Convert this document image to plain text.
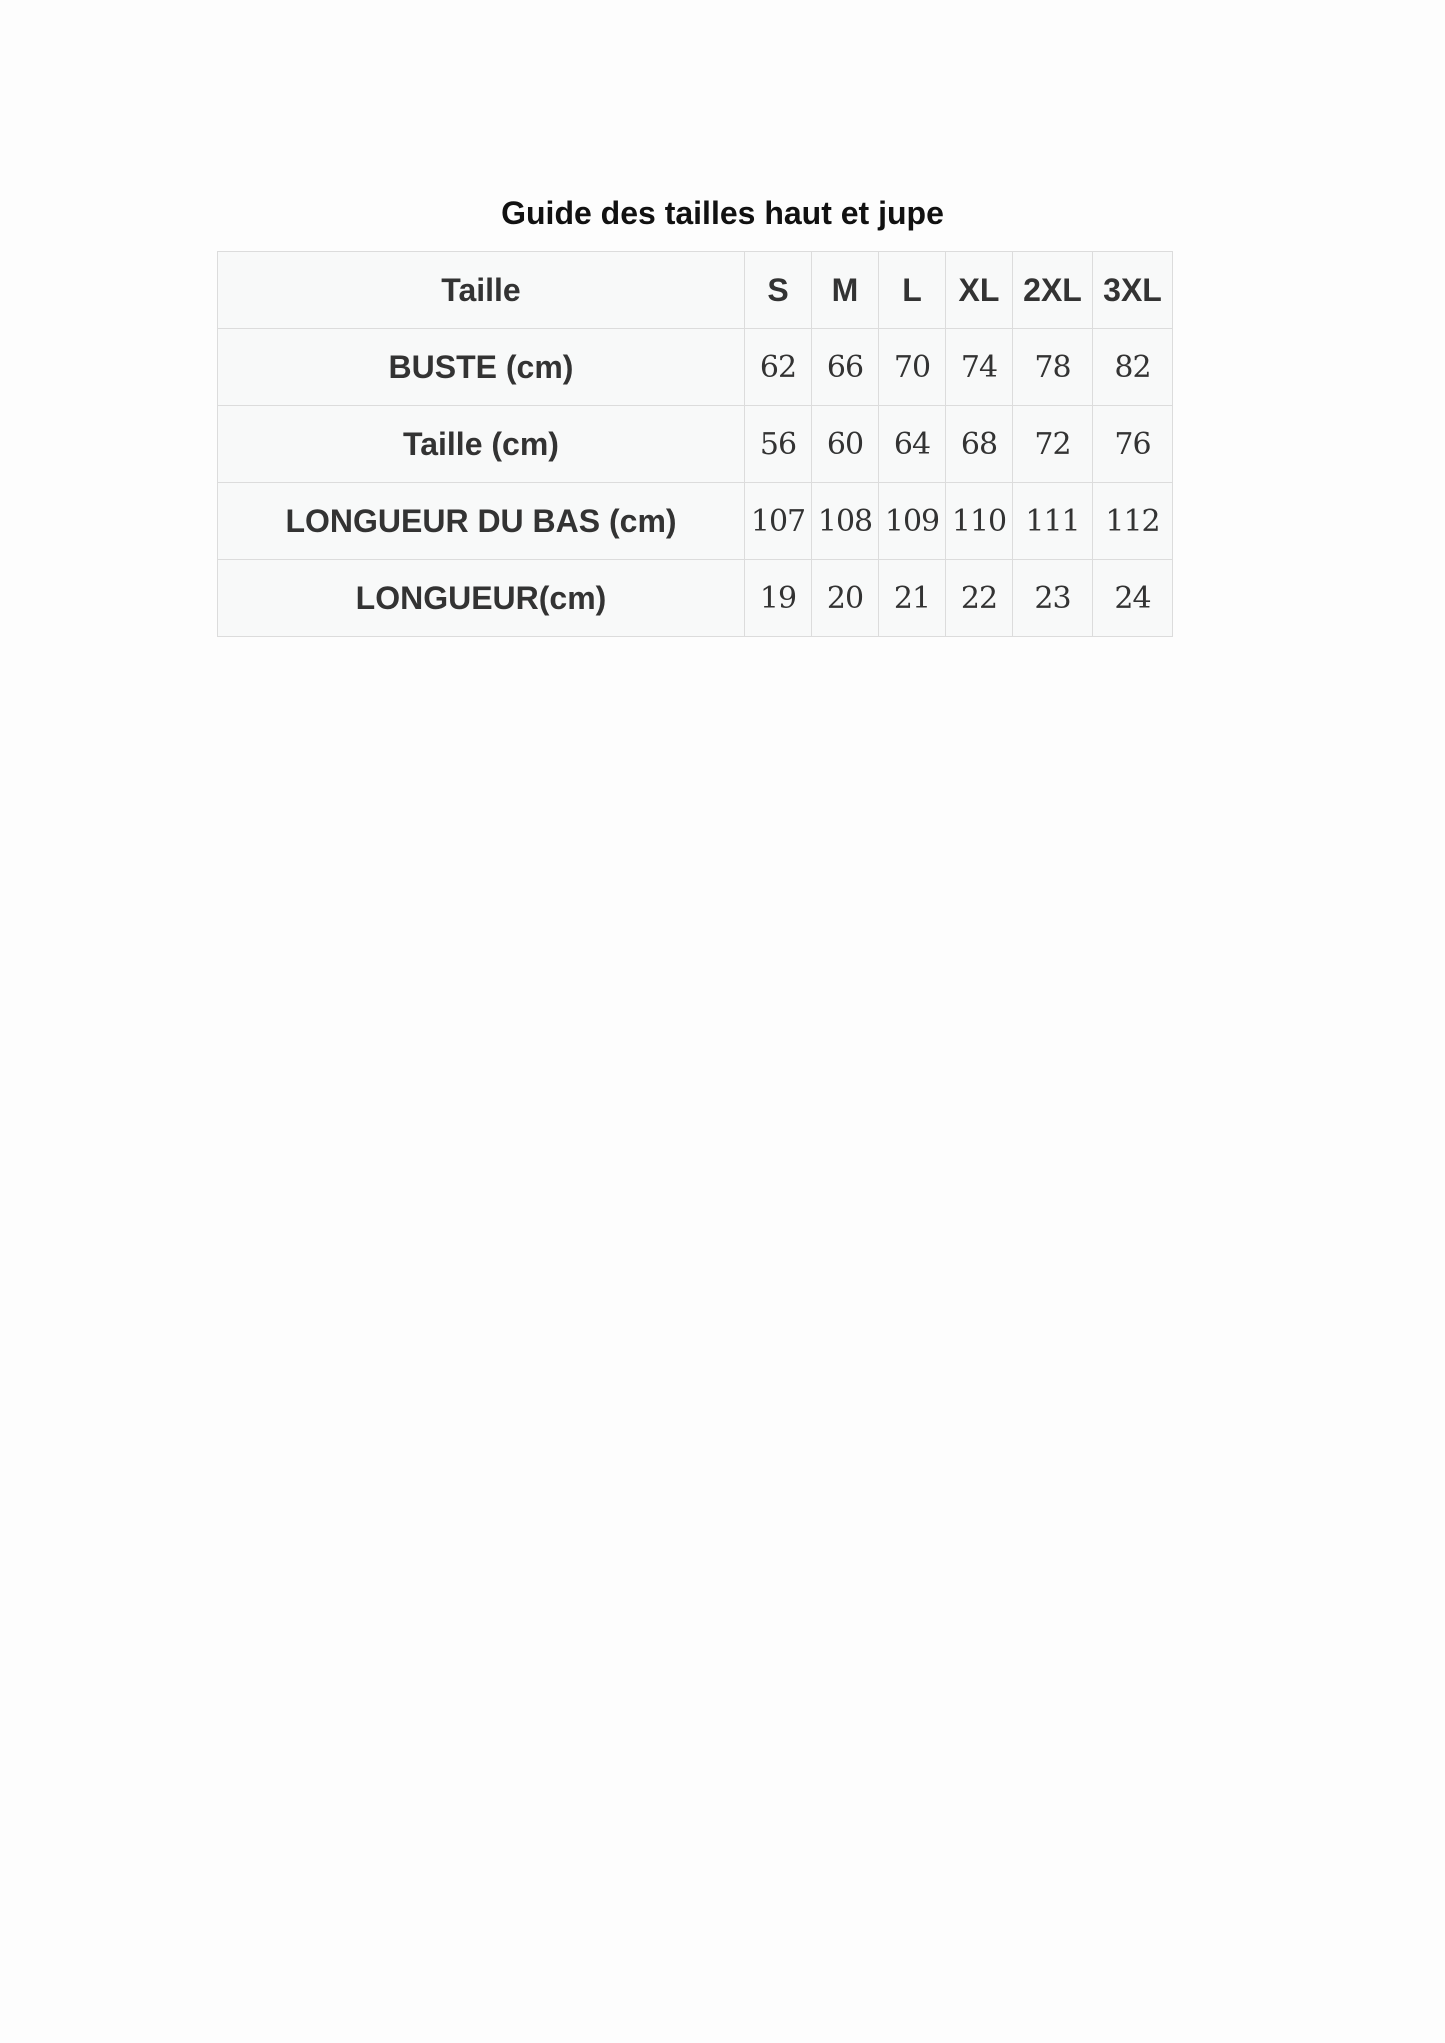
Guide des tailles haut et jupe
Taille	S	M	L	XL	2XL	3XL
BUSTE (cm)	62	66	70	74	78	82
Taille (cm)	56	60	64	68	72	76
LONGUEUR DU BAS (cm)	107	108	109	110	111	112
LONGUEUR(cm)	19	20	21	22	23	24
